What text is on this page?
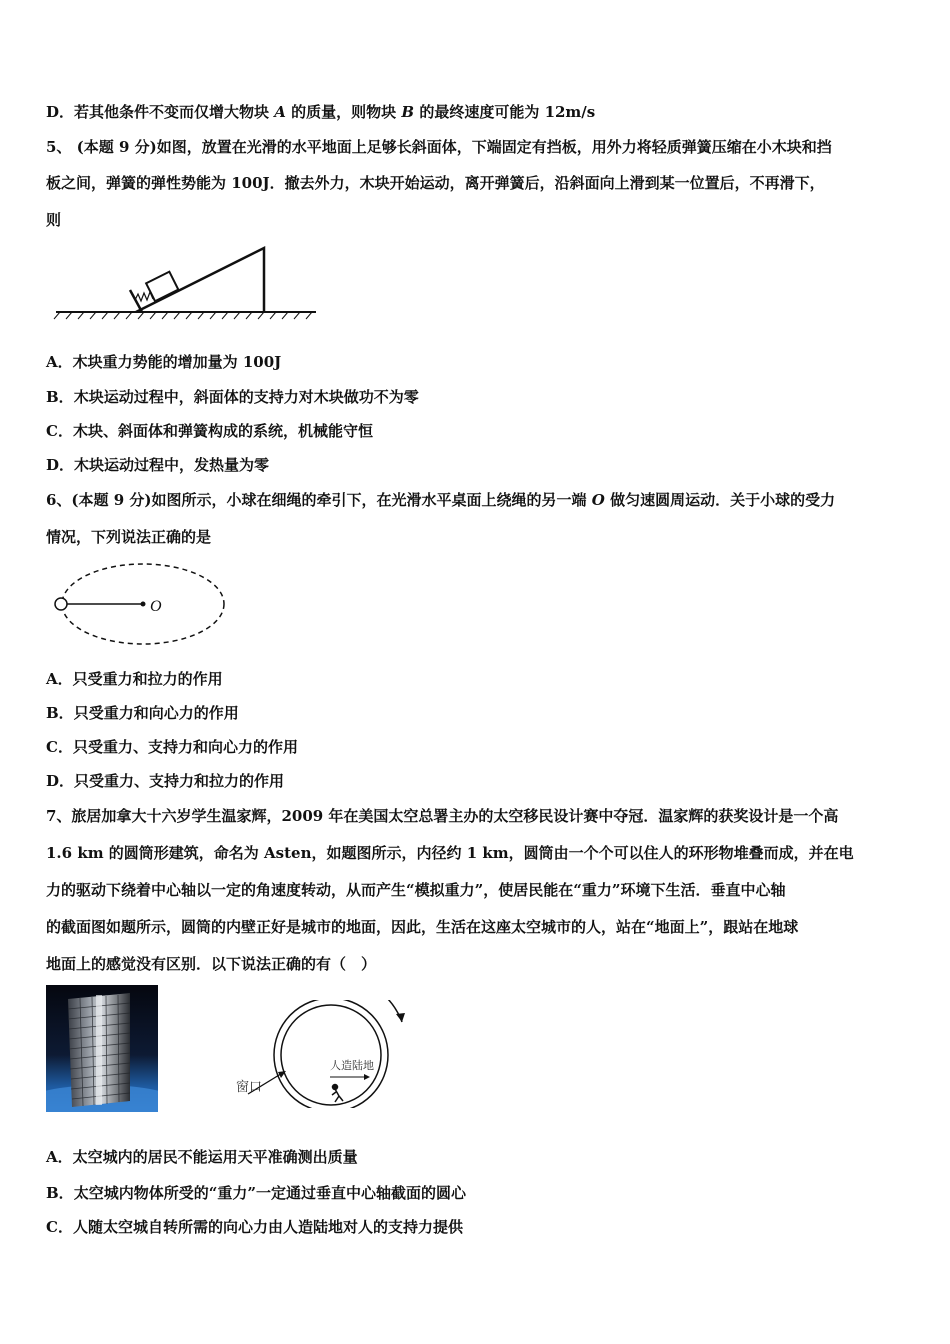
D．若其他条件不变而仅增大物块 A 的质量，则物块 B 的最终速度可能为 12m/s
5、 (本题 9 分)如图，放置在光滑的水平地面上足够长斜面体，下端固定有挡板，用外力将轻质弹簧压缩在小木块和挡
板之间，弹簧的弹性势能为 100J．撤去外力，木块开始运动，离开弹簧后，沿斜面向上滑到某一位置后，不再滑下，
则
A．木块重力势能的增加量为 100J
B．木块运动过程中，斜面体的支持力对木块做功不为零
C．木块、斜面体和弹簧构成的系统，机械能守恒
D．木块运动过程中，发热量为零
6、(本题 9 分)如图所示，小球在细绳的牵引下，在光滑水平桌面上绕绳的另一端 O 做匀速圆周运动．关于小球的受力
情况，下列说法正确的是
O
A．只受重力和拉力的作用
B．只受重力和向心力的作用
C．只受重力、支持力和向心力的作用
D．只受重力、支持力和拉力的作用
7、旅居加拿大十六岁学生温家辉，2009 年在美国太空总署主办的太空移民设计赛中夺冠．温家辉的获奖设计是一个高
1.6 km 的圆筒形建筑，命名为 Asten，如题图所示，内径约 1 km，圆筒由一个个可以住人的环形物堆叠而成，并在电
力的驱动下绕着中心轴以一定的角速度转动，从而产生“模拟重力”，使居民能在“重力”环境下生活．垂直中心轴
的截面图如题所示，圆筒的内壁正好是城市的地面，因此，生活在这座太空城市的人，站在“地面上”，跟站在地球
地面上的感觉没有区别．以下说法正确的有（　）
窗口
人造陆地
A．太空城内的居民不能运用天平准确测出质量
B．太空城内物体所受的“重力”一定通过垂直中心轴截面的圆心
C．人随太空城自转所需的向心力由人造陆地对人的支持力提供
